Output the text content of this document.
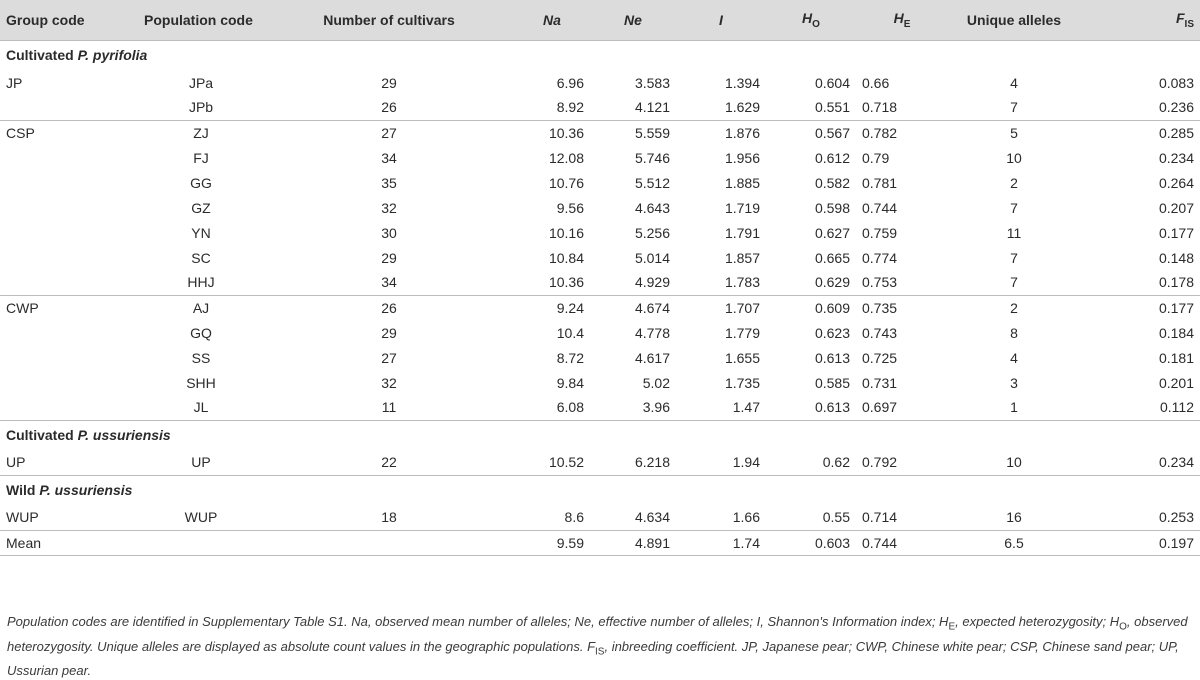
Group code	Population code	Number of cultivars	Na	Ne	I	$H_O$	$H_E$	Unique alleles	$F_{IS}$
Cultivated P. pyrifolia									
JP	JPa	29	6.96	3.583	1.394	0.604	0.66	4	0.083
	JPb	26	8.92	4.121	1.629	0.551	0.718	7	0.236
CSP	ZJ	27	10.36	5.559	1.876	0.567	0.782	5	0.285
	FJ	34	12.08	5.746	1.956	0.612	0.79	10	0.234
	GG	35	10.76	5.512	1.885	0.582	0.781	2	0.264
	GZ	32	9.56	4.643	1.719	0.598	0.744	7	0.207
	YN	30	10.16	5.256	1.791	0.627	0.759	11	0.177
	SC	29	10.84	5.014	1.857	0.665	0.774	7	0.148
	HHJ	34	10.36	4.929	1.783	0.629	0.753	7	0.178
CWP	AJ	26	9.24	4.674	1.707	0.609	0.735	2	0.177
	GQ	29	10.4	4.778	1.779	0.623	0.743	8	0.184
	SS	27	8.72	4.617	1.655	0.613	0.725	4	0.181
	SHH	32	9.84	5.02	1.735	0.585	0.731	3	0.201
	JL	11	6.08	3.96	1.47	0.613	0.697	1	0.112
Cultivated P. ussuriensis									
UP	UP	22	10.52	6.218	1.94	0.62	0.792	10	0.234
Wild P. ussuriensis									
WUP	WUP	18	8.6	4.634	1.66	0.55	0.714	16	0.253
Mean			9.59	4.891	1.74	0.603	0.744	6.5	0.197
Population codes are identified in Supplementary Table S1. Na, observed mean number of alleles; Ne, effective number of alleles; I, Shannon's Information index; $H_E$, expected heterozygosity; $H_O$, observed heterozygosity. Unique alleles are displayed as absolute count values in the geographic populations. $F_{IS}$, inbreeding coefficient. JP, Japanese pear; CWP, Chinese white pear; CSP, Chinese sand pear; UP, Ussurian pear.
